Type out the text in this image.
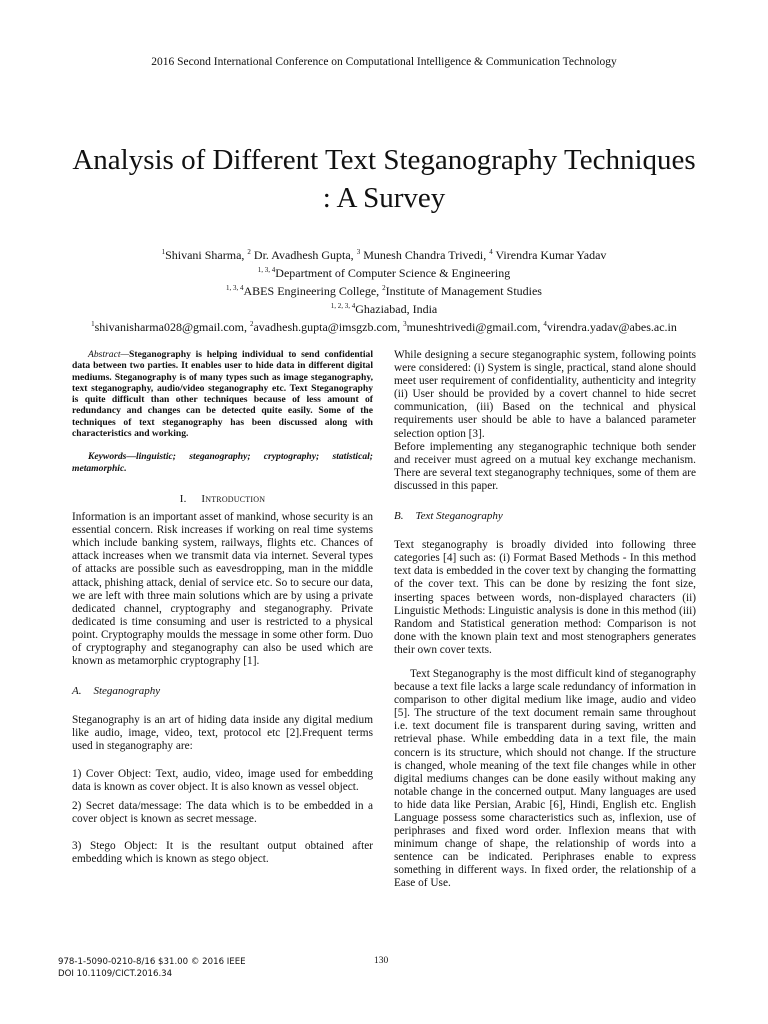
2016 Second International Conference on Computational Intelligence & Communication Technology
Analysis of Different Text Steganography Techniques
: A Survey
$^1$Shivani Sharma, $^2$ Dr. Avadhesh Gupta, $^3$ Munesh Chandra Trivedi, $^4$ Virendra Kumar Yadav
$^{1, 3, 4}$Department of Computer Science & Engineering
$^{1, 3, 4}$ABES Engineering College, $^2$Institute of Management Studies
$^{1, 2, 3, 4}$Ghaziabad, India
$^1$shivanisharma028@gmail.com, $^2$avadhesh.gupta@imsgzb.com, $^3$muneshtrivedi@gmail.com, $^4$virendra.yadav@abes.ac.in

Abstract—Steganography is helping individual to send confidential data between two parties. It enables user to hide data in different digital mediums. Steganography is of many types such as image steganography, text steganography, audio/video steganography etc. Text Steganography is quite difficult than other techniques because of less amount of redundancy and changes can be detected quite easily. Some of the techniques of text steganography has been discussed along with characteristics and working.

Keywords—linguistic; steganography; cryptography; statistical; metamorphic.

I. Introduction

Information is an important asset of mankind, whose security is an essential concern. Risk increases if working on real time systems which include banking system, railways, flights etc. Chances of attack increases when we transmit data via internet. Several types of attacks are possible such as eavesdropping, man in the middle attack, phishing attack, denial of service etc. So to secure our data, we are left with three main solutions which are by using a private dedicated channel, cryptography and steganography. Private dedicated is time consuming and user is restricted to a physical point. Cryptography moulds the message in some other form. Duo of cryptography and steganography can also be used which are known as metamorphic cryptography [1].

A. Steganography

Steganography is an art of hiding data inside any digital medium like audio, image, video, text, protocol etc [2].Frequent terms used in steganography are:

1) Cover Object: Text, audio, video, image used for embedding data is known as cover object. It is also known as vessel object.

2) Secret data/message: The data which is to be embedded in a cover object is known as secret message.

3) Stego Object: It is the resultant output obtained after embedding which is known as stego object.

While designing a secure steganographic system, following points were considered: (i) System is single, practical, stand alone should meet user requirement of confidentiality, authenticity and integrity (ii) User should be provided by a covert channel to hide secret communication, (iii) Based on the technical and physical requirements user should be able to have a balanced parameter selection option [3].

Before implementing any steganographic technique both sender and receiver must agreed on a mutual key exchange mechanism. There are several text steganography techniques, some of them are discussed in this paper.

B. Text Steganography

Text steganography is broadly divided into following three categories [4] such as: (i) Format Based Methods - In this method text data is embedded in the cover text by changing the formatting of the cover text. This can be done by resizing the font size, inserting spaces between words, non-displayed characters (ii) Linguistic Methods: Linguistic analysis is done in this method (iii) Random and Statistical generation method: Comparison is not done with the known plain text and most stenographers generates their own cover texts.

Text Steganography is the most difficult kind of steganography because a text file lacks a large scale redundancy of information in comparison to other digital medium like image, audio and video [5]. The structure of the text document remain same throughout i.e. text document file is transparent during saving, written and retrieval phase. While embedding data in a text file, the main concern is its structure, which should not change. If the structure is changed, whole meaning of the text file changes while in other digital mediums changes can be done easily without making any notable change in the concerned output. Many languages are used to hide data like Persian, Arabic [6], Hindi, English etc. English Language possess some characteristics such as, inflexion, use of periphrases and fixed word order. Inflexion means that with minimum change of shape, the relationship of words into a sentence can be indicated. Periphrases enable to express something in different ways. In fixed order, the relationship of a Ease of Use.

978-1-5090-0210-8/16 $31.00 © 2016 IEEE
DOI 10.1109/CICT.2016.34
130
